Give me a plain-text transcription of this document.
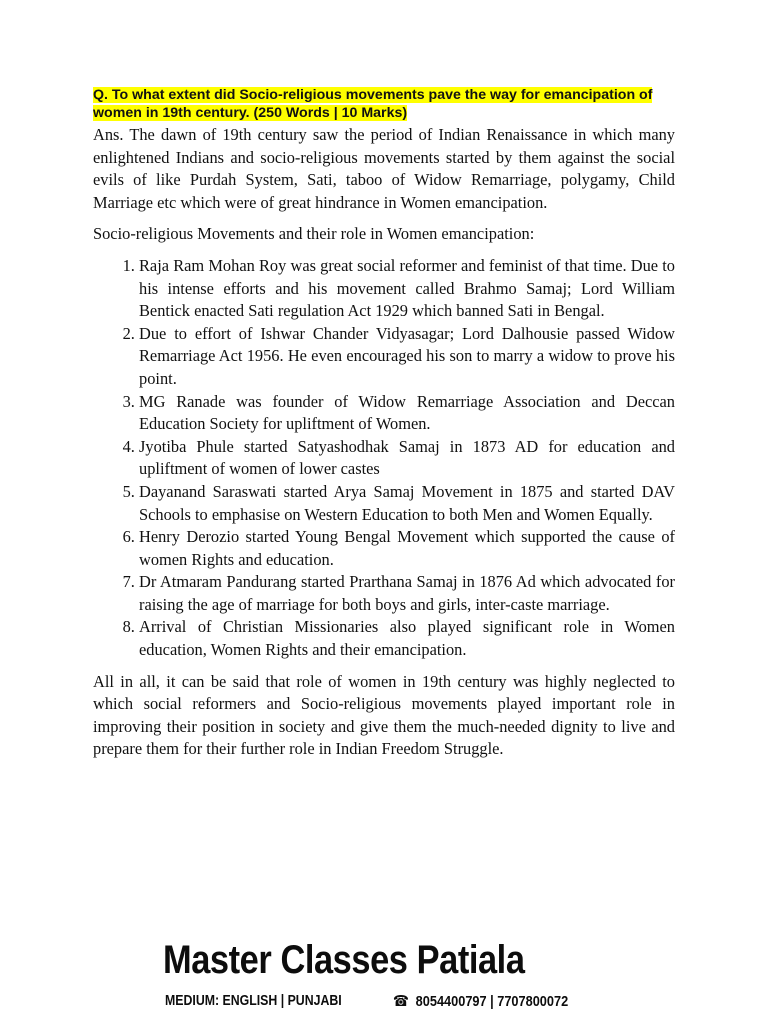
Q. To what extent did Socio-religious movements pave the way for emancipation of women in 19th century. (250 Words | 10 Marks)

Ans. The dawn of 19th century saw the period of Indian Renaissance in which many enlightened Indians and socio-religious movements started by them against the social evils of like Purdah System, Sati, taboo of Widow Remarriage, polygamy, Child Marriage etc which were of great hindrance in Women emancipation.

Socio-religious Movements and their role in Women emancipation:

1. Raja Ram Mohan Roy was great social reformer and feminist of that time. Due to his intense efforts and his movement called Brahmo Samaj; Lord William Bentick enacted Sati regulation Act 1929 which banned Sati in Bengal.
2. Due to effort of Ishwar Chander Vidyasagar; Lord Dalhousie passed Widow Remarriage Act 1956. He even encouraged his son to marry a widow to prove his point.
3. MG Ranade was founder of Widow Remarriage Association and Deccan Education Society for upliftment of Women.
4. Jyotiba Phule started Satyashodhak Samaj in 1873 AD for education and upliftment of women of lower castes
5. Dayanand Saraswati started Arya Samaj Movement in 1875 and started DAV Schools to emphasise on Western Education to both Men and Women Equally.
6. Henry Derozio started Young Bengal Movement which supported the cause of women Rights and education.
7. Dr Atmaram Pandurang started Prarthana Samaj in 1876 Ad which advocated for raising the age of marriage for both boys and girls, inter-caste marriage.
8. Arrival of Christian Missionaries also played significant role in Women education, Women Rights and their emancipation.

All in all, it can be said that role of women in 19th century was highly neglected to which social reformers and Socio-religious movements played important role in improving their position in society and give them the much-needed dignity to live and prepare them for their further role in Indian Freedom Struggle.

Master Classes Patiala
MEDIUM: ENGLISH | PUNJABI	☎ 8054400797 | 7707800072
